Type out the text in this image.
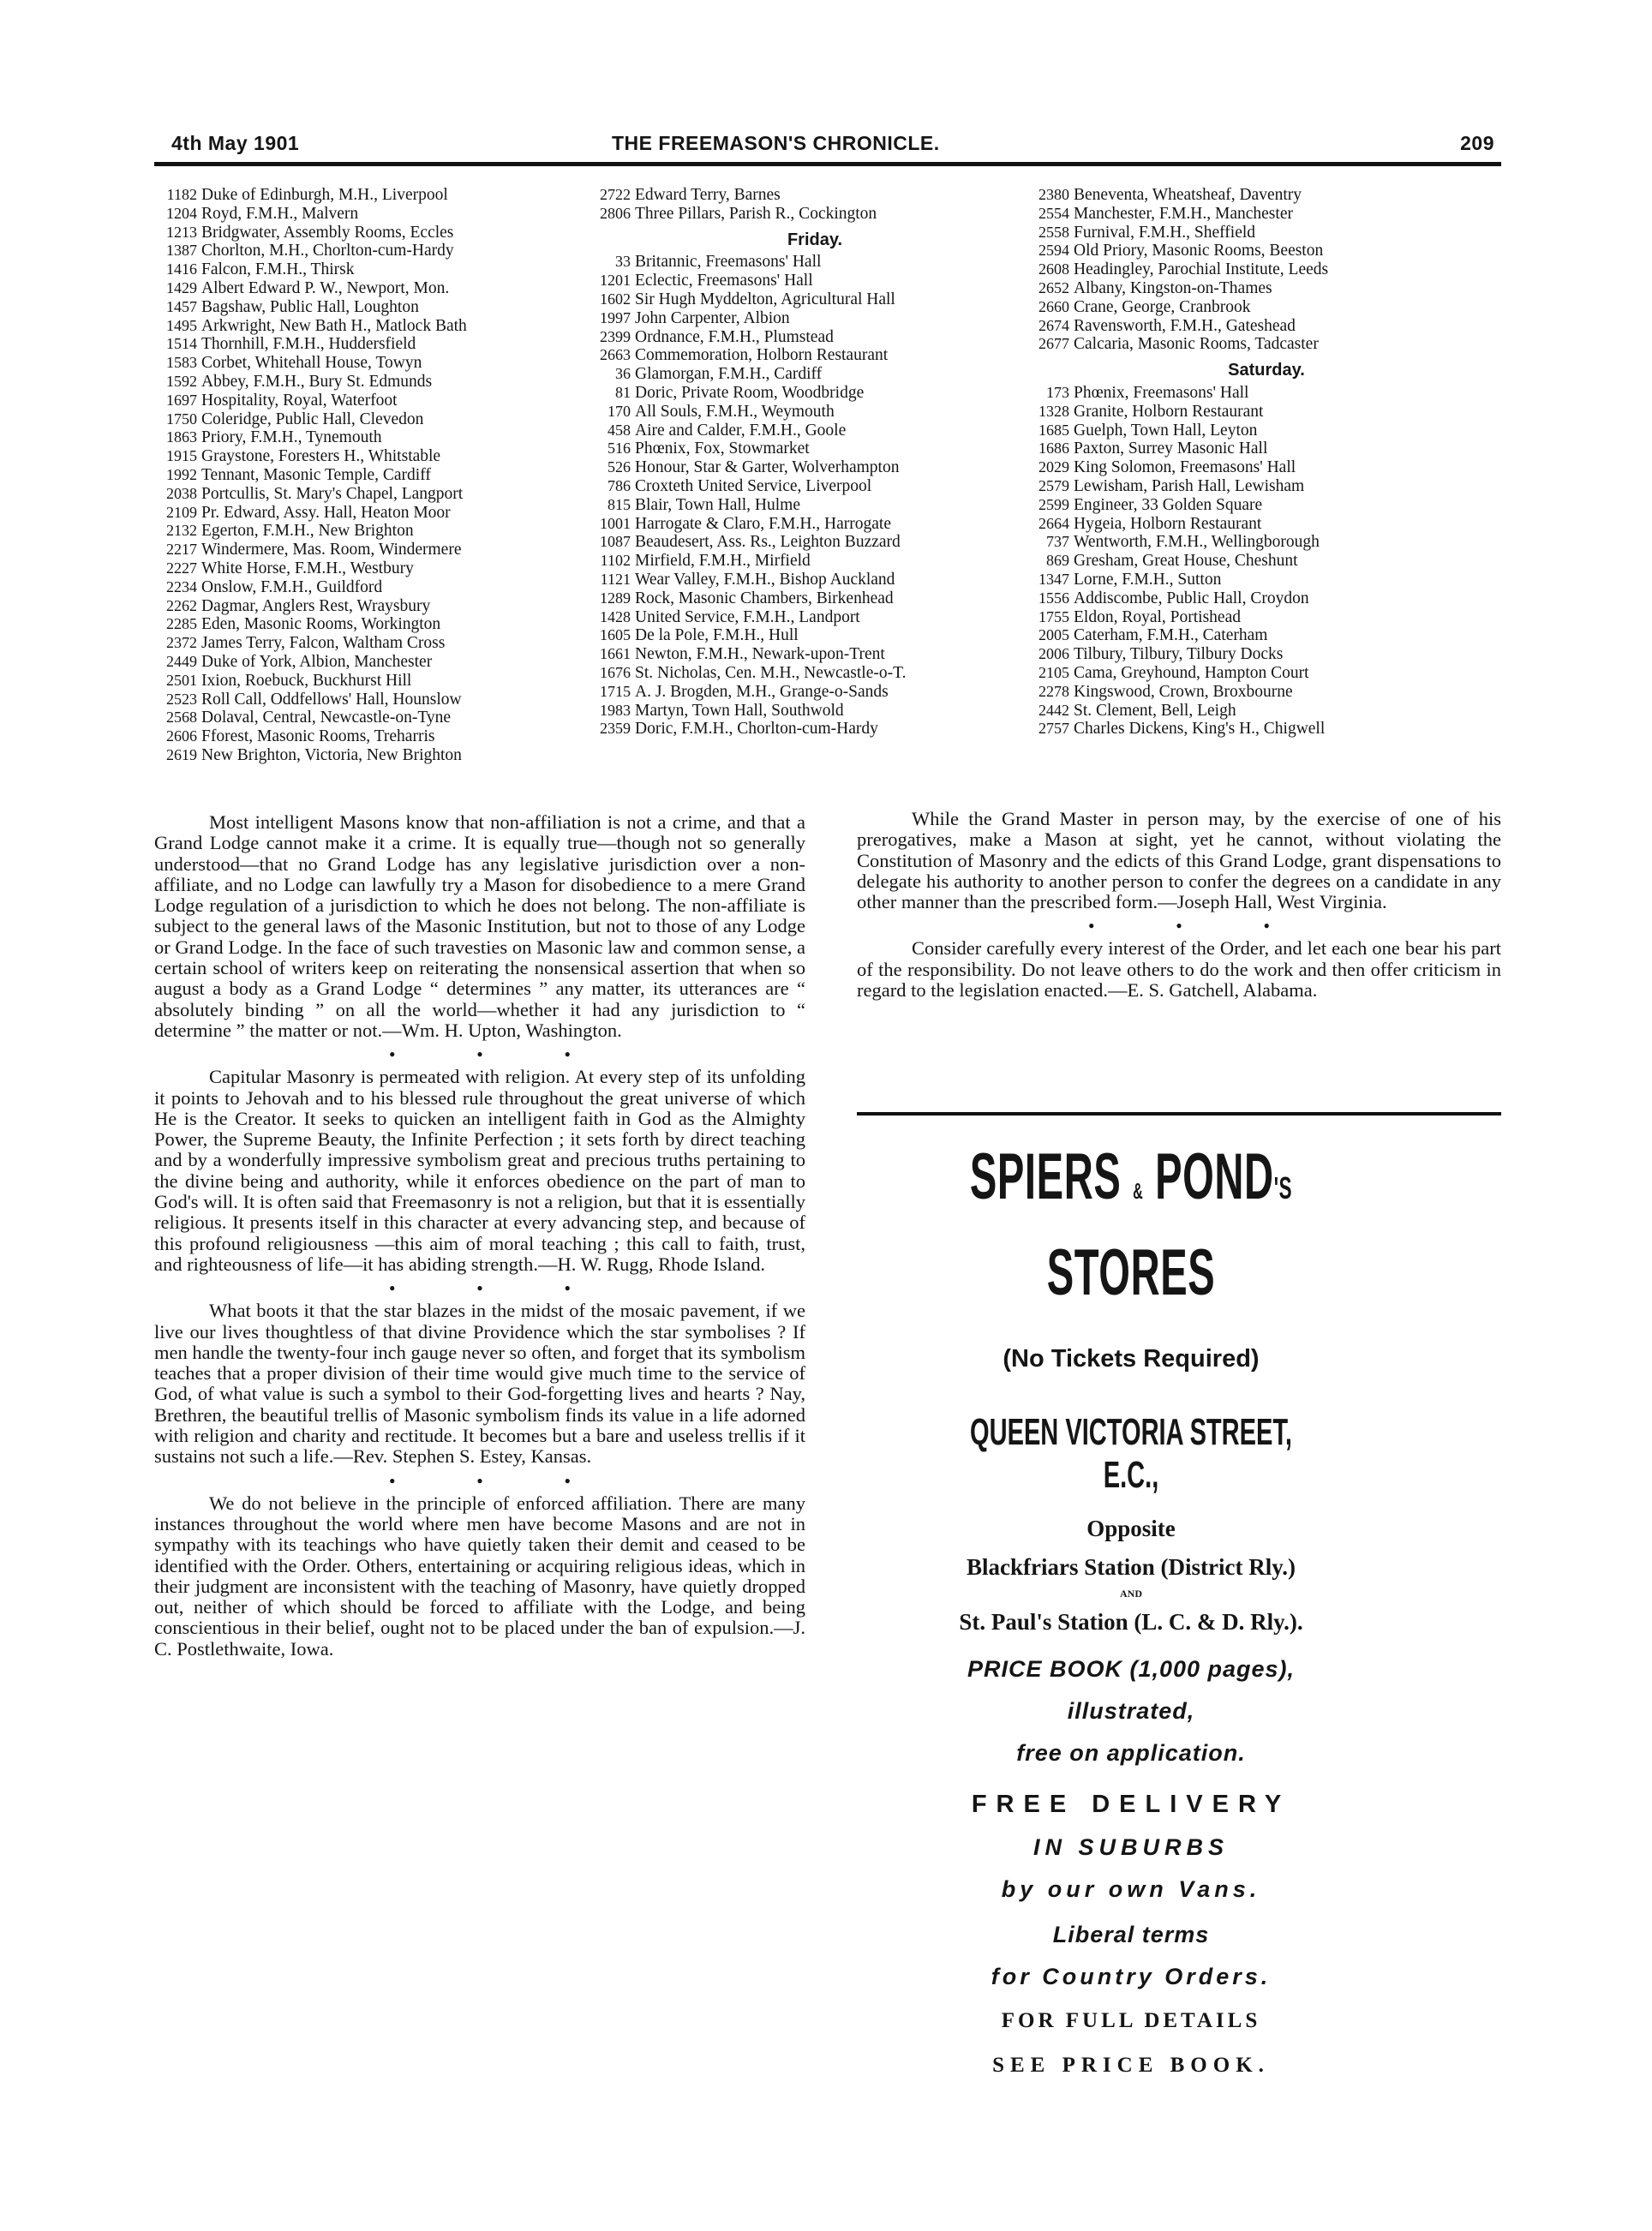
4th May 1901	THE FREEMASON'S CHRONICLE.	209
1182 Duke of Edinburgh, M.H., Liverpool
1204 Royd, F.M.H., Malvern
1213 Bridgwater, Assembly Rooms, Eccles
1387 Chorlton, M.H., Chorlton-cum-Hardy
1416 Falcon, F.M.H., Thirsk
1429 Albert Edward P. W., Newport, Mon.
1457 Bagshaw, Public Hall, Loughton
1495 Arkwright, New Bath H., Matlock Bath
1514 Thornhill, F.M.H., Huddersfield
1583 Corbet, Whitehall House, Towyn
1592 Abbey, F.M.H., Bury St. Edmunds
1697 Hospitality, Royal, Waterfoot
1750 Coleridge, Public Hall, Clevedon
1863 Priory, F.M.H., Tynemouth
1915 Graystone, Foresters H., Whitstable
1992 Tennant, Masonic Temple, Cardiff
2038 Portcullis, St. Mary's Chapel, Langport
2109 Pr. Edward, Assy. Hall, Heaton Moor
2132 Egerton, F.M.H., New Brighton
2217 Windermere, Mas. Room, Windermere
2227 White Horse, F.M.H., Westbury
2234 Onslow, F.M.H., Guildford
2262 Dagmar, Anglers Rest, Wraysbury
2285 Eden, Masonic Rooms, Workington
2372 James Terry, Falcon, Waltham Cross
2449 Duke of York, Albion, Manchester
2501 Ixion, Roebuck, Buckhurst Hill
2523 Roll Call, Oddfellows' Hall, Hounslow
2568 Dolaval, Central, Newcastle-on-Tyne
2606 Fforest, Masonic Rooms, Treharris
2619 New Brighton, Victoria, New Brighton
2722 Edward Terry, Barnes
2806 Three Pillars, Parish R., Cockington
Friday.
33 Britannic, Freemasons' Hall
1201 Eclectic, Freemasons' Hall
1602 Sir Hugh Myddelton, Agricultural Hall
1997 John Carpenter, Albion
2399 Ordnance, F.M.H., Plumstead
2663 Commemoration, Holborn Restaurant
36 Glamorgan, F.M.H., Cardiff
81 Doric, Private Room, Woodbridge
170 All Souls, F.M.H., Weymouth
458 Aire and Calder, F.M.H., Goole
516 Phœnix, Fox, Stowmarket
526 Honour, Star & Garter, Wolverhampton
786 Croxteth United Service, Liverpool
815 Blair, Town Hall, Hulme
1001 Harrogate & Claro, F.M.H., Harrogate
1087 Beaudesert, Ass. Rs., Leighton Buzzard
1102 Mirfield, F.M.H., Mirfield
1121 Wear Valley, F.M.H., Bishop Auckland
1289 Rock, Masonic Chambers, Birkenhead
1428 United Service, F.M.H., Landport
1605 De la Pole, F.M.H., Hull
1661 Newton, F.M.H., Newark-upon-Trent
1676 St. Nicholas, Cen. M.H., Newcastle-o-T.
1715 A. J. Brogden, M.H., Grange-o-Sands
1983 Martyn, Town Hall, Southwold
2359 Doric, F.M.H., Chorlton-cum-Hardy
2380 Beneventa, Wheatsheaf, Daventry
2554 Manchester, F.M.H., Manchester
2558 Furnival, F.M.H., Sheffield
2594 Old Priory, Masonic Rooms, Beeston
2608 Headingley, Parochial Institute, Leeds
2652 Albany, Kingston-on-Thames
2660 Crane, George, Cranbrook
2674 Ravensworth, F.M.H., Gateshead
2677 Calcaria, Masonic Rooms, Tadcaster
Saturday.
173 Phœnix, Freemasons' Hall
1328 Granite, Holborn Restaurant
1685 Guelph, Town Hall, Leyton
1686 Paxton, Surrey Masonic Hall
2029 King Solomon, Freemasons' Hall
2579 Lewisham, Parish Hall, Lewisham
2599 Engineer, 33 Golden Square
2664 Hygeia, Holborn Restaurant
737 Wentworth, F.M.H., Wellingborough
869 Gresham, Great House, Cheshunt
1347 Lorne, F.M.H., Sutton
1556 Addiscombe, Public Hall, Croydon
1755 Eldon, Royal, Portishead
2005 Caterham, F.M.H., Caterham
2006 Tilbury, Tilbury, Tilbury Docks
2105 Cama, Greyhound, Hampton Court
2278 Kingswood, Crown, Broxbourne
2442 St. Clement, Bell, Leigh
2757 Charles Dickens, King's H., Chigwell

Most intelligent Masons know that non-affiliation is not a crime, and that a Grand Lodge cannot make it a crime. It is equally true—though not so generally understood—that no Grand Lodge has any legislative jurisdiction over a non-affiliate, and no Lodge can lawfully try a Mason for disobedience to a mere Grand Lodge regulation of a jurisdiction to which he does not belong. The non-affiliate is subject to the general laws of the Masonic Institution, but not to those of any Lodge or Grand Lodge. In the face of such travesties on Masonic law and common sense, a certain school of writers keep on reiterating the nonsensical assertion that when so august a body as a Grand Lodge “ determines ” any matter, its utterances are “ absolutely binding ” on all the world—whether it had any jurisdiction to “ determine ” the matter or not.—Wm. H. Upton, Washington.

● ● ●

Capitular Masonry is permeated with religion. At every step of its unfolding it points to Jehovah and to his blessed rule throughout the great universe of which He is the Creator. It seeks to quicken an intelligent faith in God as the Almighty Power, the Supreme Beauty, the Infinite Perfection ; it sets forth by direct teaching and by a wonderfully impressive symbolism great and precious truths pertaining to the divine being and authority, while it enforces obedience on the part of man to God's will. It is often said that Freemasonry is not a religion, but that it is essentially religious. It presents itself in this character at every advancing step, and because of this profound religiousness —this aim of moral teaching ; this call to faith, trust, and righteousness of life—it has abiding strength.—H. W. Rugg, Rhode Island.

● ● ●

What boots it that the star blazes in the midst of the mosaic pavement, if we live our lives thoughtless of that divine Providence which the star symbolises ? If men handle the twenty-four inch gauge never so often, and forget that its symbolism teaches that a proper division of their time would give much time to the service of God, of what value is such a symbol to their God-forgetting lives and hearts ? Nay, Brethren, the beautiful trellis of Masonic symbolism finds its value in a life adorned with religion and charity and rectitude. It becomes but a bare and useless trellis if it sustains not such a life.—Rev. Stephen S. Estey, Kansas.

● ● ●

We do not believe in the principle of enforced affiliation. There are many instances throughout the world where men have become Masons and are not in sympathy with its teachings who have quietly taken their demit and ceased to be identified with the Order. Others, entertaining or acquiring religious ideas, which in their judgment are inconsistent with the teaching of Masonry, have quietly dropped out, neither of which should be forced to affiliate with the Lodge, and being conscientious in their belief, ought not to be placed under the ban of expulsion.—J. C. Postlethwaite, Iowa.

While the Grand Master in person may, by the exercise of one of his prerogatives, make a Mason at sight, yet he cannot, without violating the Constitution of Masonry and the edicts of this Grand Lodge, grant dispensations to delegate his authority to another person to confer the degrees on a candidate in any other manner than the prescribed form.—Joseph Hall, West Virginia.

● ● ●

Consider carefully every interest of the Order, and let each one bear his part of the responsibility. Do not leave others to do the work and then offer criticism in regard to the legislation enacted.—E. S. Gatchell, Alabama.

SPIERS & POND'S
STORES
(No Tickets Required)
QUEEN VICTORIA STREET, E.C.,
Opposite
Blackfriars Station (District Rly.)
AND
St. Paul's Station (L. C. & D. Rly.).
PRICE BOOK (1,000 pages),
illustrated,
free on application.
FREE DELIVERY
IN SUBURBS
by our own Vans.
Liberal terms
for Country Orders.
FOR FULL DETAILS
SEE PRICE BOOK.
